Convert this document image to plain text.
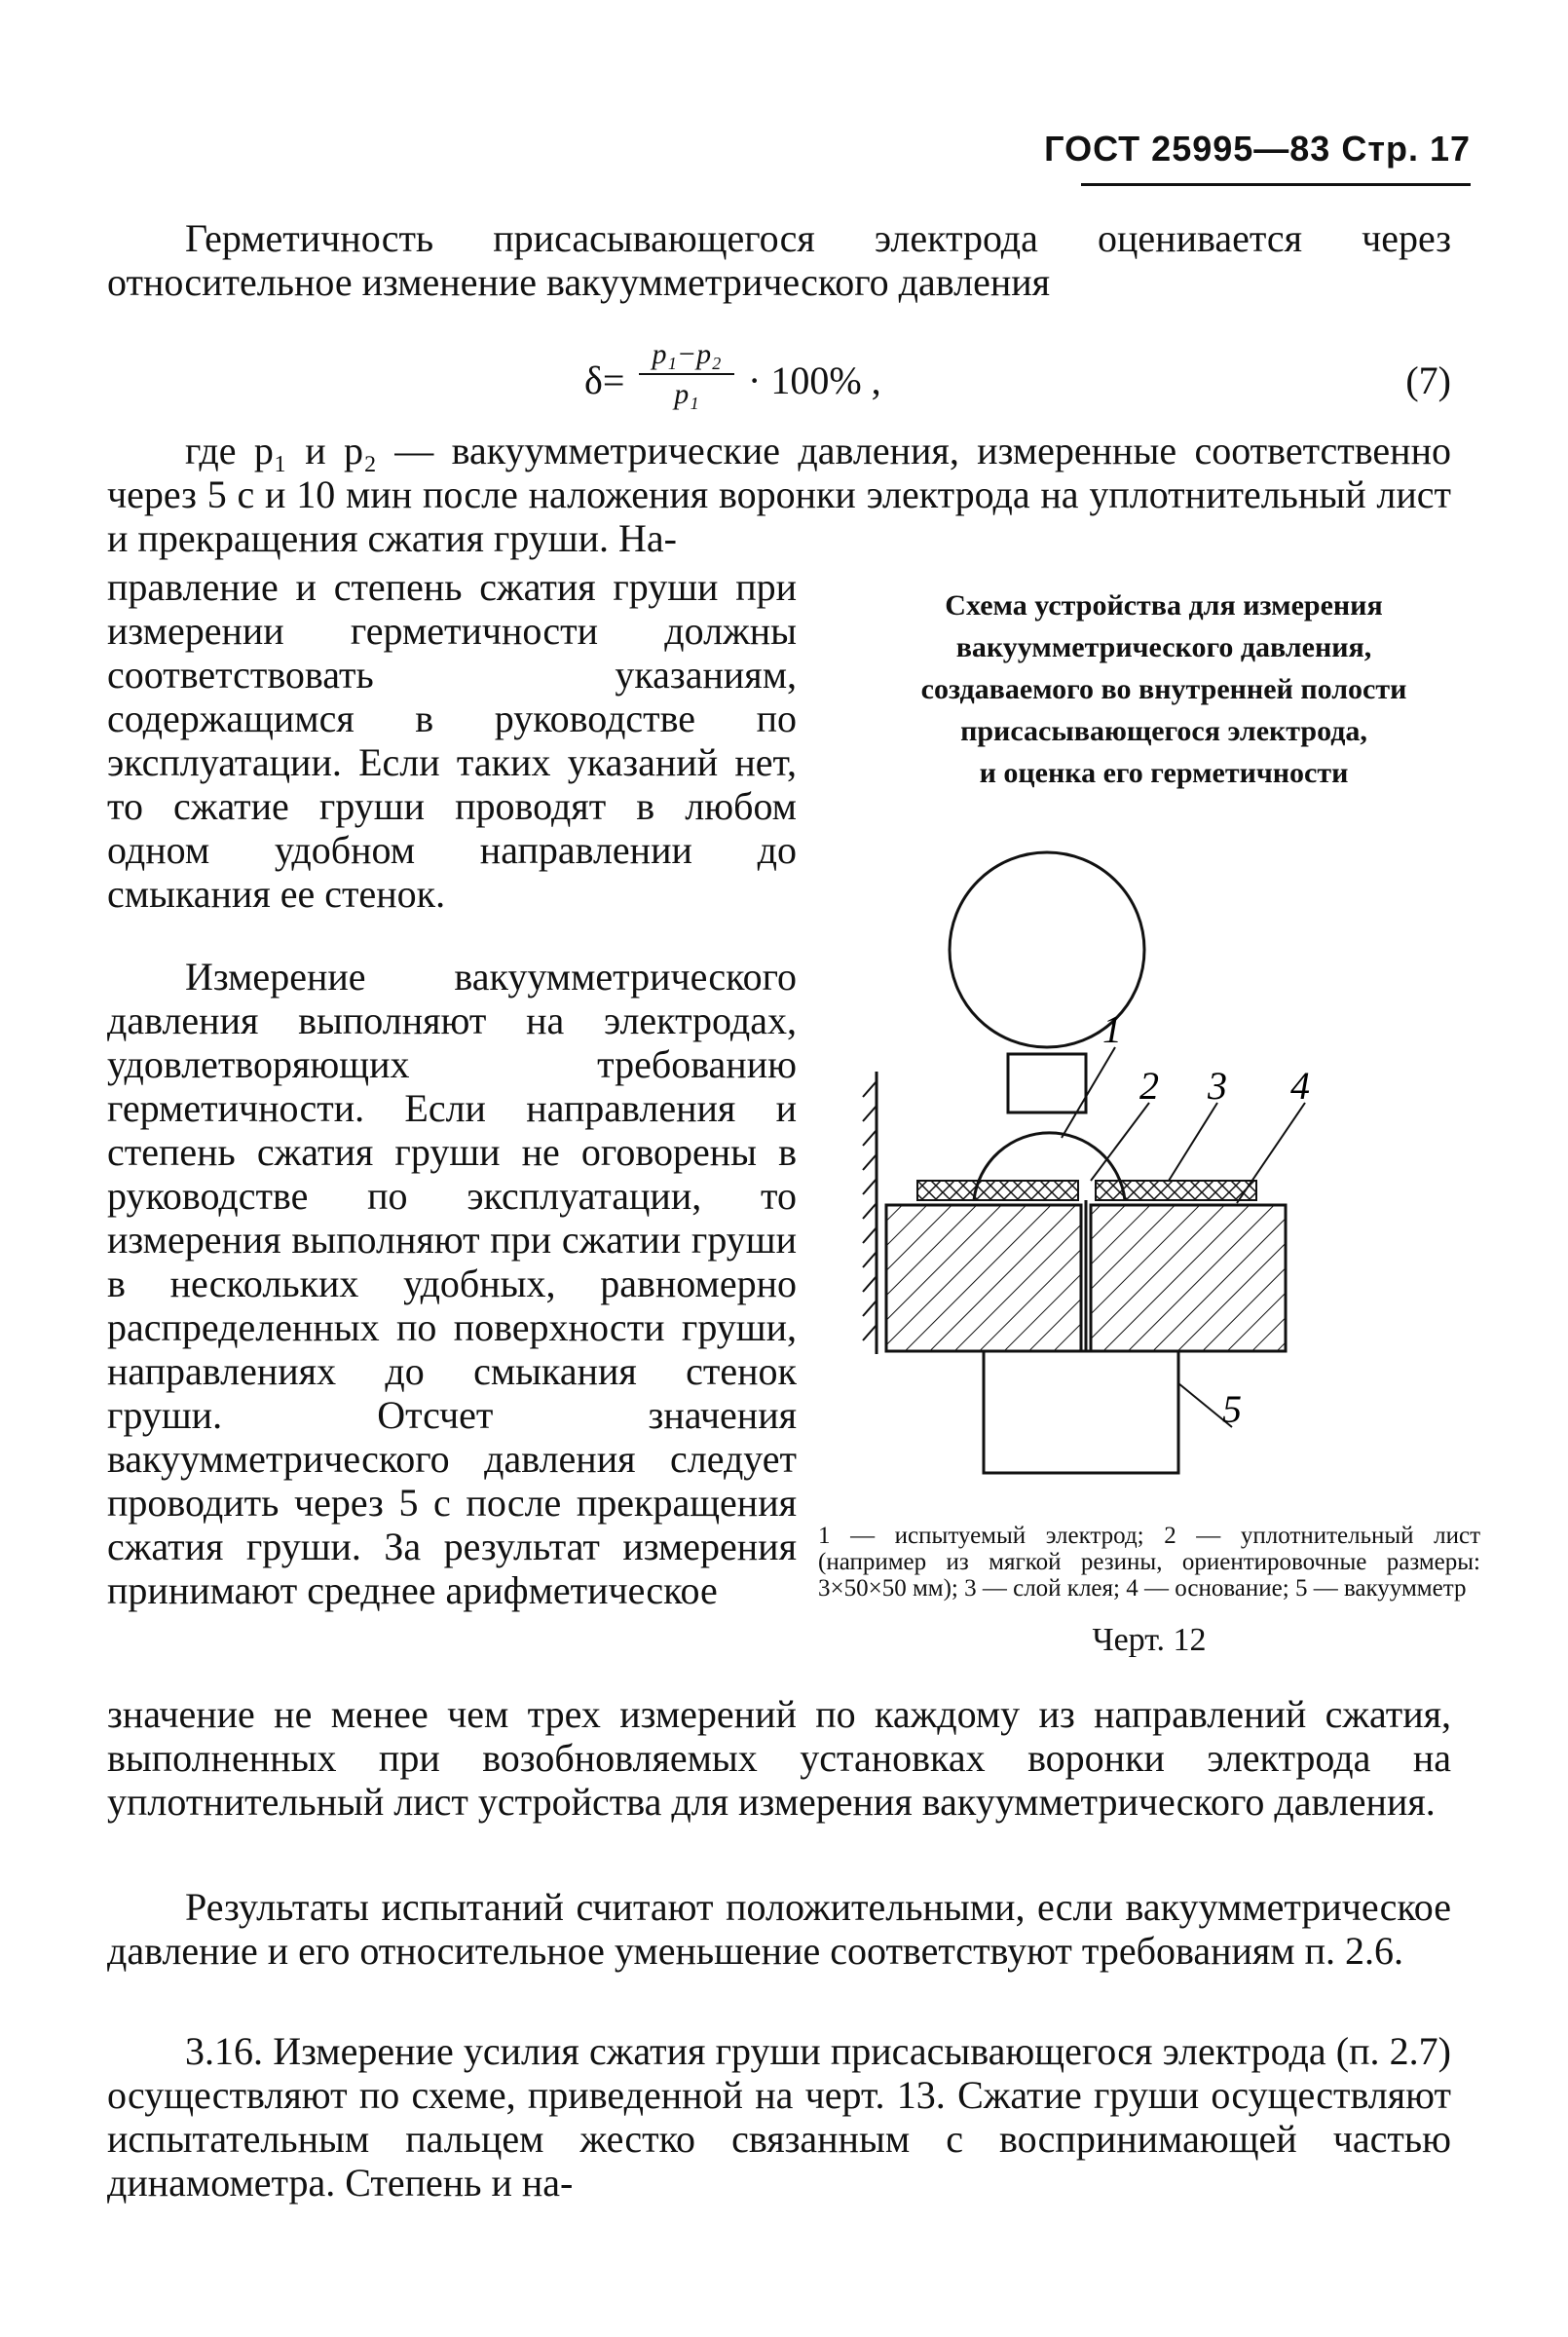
ГОСТ 25995—83 Стр. 17

Герметичность присасывающегося электрода оценивается через относительное изменение вакуумметрического давления

$\delta= \frac{\text{p₁−p₂}}{\text{p₁}} \cdot 100\%$ ,	(7)

где p₁ и p₂ — вакуумметрические давления, измеренные соответственно через 5 с и 10 мин после наложения воронки электрода на уплотнительный лист и прекращения сжатия груши. На-

правление и степень сжатия груши при измерении герметичности должны соответствовать указаниям, содержащимся в руководстве по эксплуатации. Если таких указаний нет, то сжатие груши проводят в любом одном удобном направлении до смыкания ее стенок.

Измерение вакуумметрического давления выполняют на электродах, удовлетворяющих требованию герметичности. Если направления и степень сжатия груши не оговорены в руководстве по эксплуатации, то измерения выполняют при сжатии груши в нескольких удобных, равномерно распределенных по поверхности груши, направлениях до смыкания стенок груши. Отсчет значения вакуумметрического давления следует проводить через 5 с после прекращения сжатия груши. За результат измерения принимают среднее арифметическое

Схема устройства для измерения
вакуумметрического давления,
создаваемого во внутренней полости
присасывающегося электрода,
и оценка его герметичности
1
2 3 4
5

1 — испытуемый электрод; 2 — уплотнительный лист (например из мягкой резины, ориентировочные размеры: 3×50×50 мм); 3 — слой клея; 4 — основание; 5 — вакуумметр

Черт. 12

значение не менее чем трех измерений по каждому из направлений сжатия, выполненных при возобновляемых установках воронки электрода на уплотнительный лист устройства для измерения вакуумметрического давления.

Результаты испытаний считают положительными, если вакуумметрическое давление и его относительное уменьшение соответствуют требованиям п. 2.6.

3.16. Измерение усилия сжатия груши присасывающегося электрода (п. 2.7) осуществляют по схеме, приведенной на черт. 13. Сжатие груши осуществляют испытательным пальцем жестко связанным с воспринимающей частью динамометра. Степень и на-
